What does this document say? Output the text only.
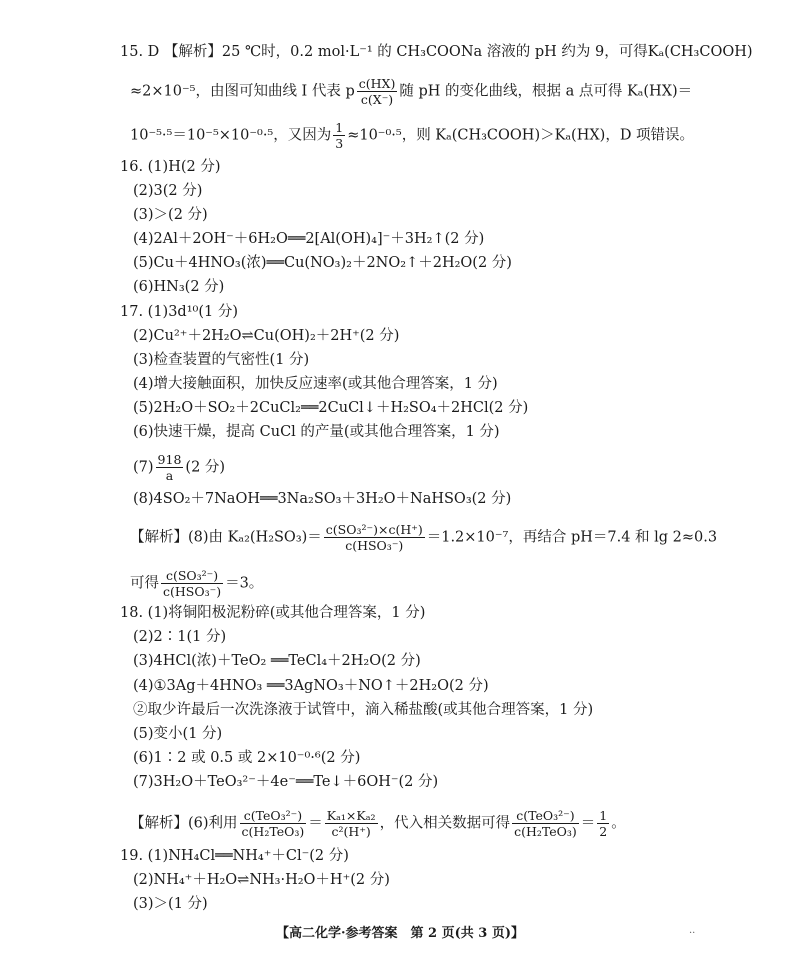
15. D 【解析】25 ℃时，0.2 mol·L⁻¹ 的 CH₃COONa 溶液的 pH 约为 9，可得Kₐ(CH₃COOH)
≈2×10⁻⁵，由图可知曲线 Ⅰ 代表 p $\frac{c(HX)}{c(X^-)}$ 随 pH 的变化曲线，根据 a 点可得 Kₐ(HX)＝
10⁻⁵·⁵＝10⁻⁵×10⁻⁰·⁵，又因为 $\frac{1}{3} \approx 10^{-0}\cdot^5$，则 Kₐ(CH₃COOH)＞Kₐ(HX)，D 项错误。
16. (1)H(2 分)
(2)3(2 分)
(3)＞(2 分)
(4)2Al＋2OH⁻＋6H₂O══2[Al(OH)₄]⁻＋3H₂↑(2 分)
(5)Cu＋4HNO₃(浓)══Cu(NO₃)₂＋2NO₂↑＋2H₂O(2 分)
(6)HN₃(2 分)
17. (1)3d¹⁰(1 分)
(2)Cu²⁺＋2H₂O⇌Cu(OH)₂＋2H⁺(2 分)
(3)检查装置的气密性(1 分)
(4)增大接触面积，加快反应速率(或其他合理答案，1 分)
(5)2H₂O＋SO₂＋2CuCl₂══2CuCl↓＋H₂SO₄＋2HCl(2 分)
(6)快速干燥，提高 CuCl 的产量(或其他合理答案，1 分)
$(7) \frac{918}{a} (2$ 分)
(8)4SO₂＋7NaOH══3Na₂SO₃＋3H₂O＋NaHSO₃(2 分)
【解析】(8)由 $K_{a2}(H_2SO_3)= \frac{\text{c(SO₃²⁻)×c(H⁺)}}{\text{c(HSO₃⁻)}} =1.2\times 10^{-7}$，再结合 pH＝7.4 和 lg 2≈0.3
可得 $\frac{\text{c(SO₃²⁻)}}{\text{c(HSO₃⁻)}} =3$。
18. (1)将铜阳极泥粉碎(或其他合理答案，1 分)
(2)2∶1(1 分)
(3)4HCl(浓)＋TeO₂ ══TeCl₄＋2H₂O(2 分)
(4)①3Ag＋4HNO₃ ══3AgNO₃＋NO↑＋2H₂O(2 分)
②取少许最后一次洗涤液于试管中，滴入稀盐酸(或其他合理答案，1 分)
(5)变小(1 分)
(6)1∶2 或 0.5 或 2×10⁻⁰·⁶(2 分)
(7)3H₂O＋TeO₃²⁻＋4e⁻══Te↓＋6OH⁻(2 分)
【解析】(6)利用 $\frac{\text{c(TeO₃²⁻)}}{\text{c(H₂TeO₃)}} = \frac{\text{Kₐ₁×Kₐ₂}}{\text{c²(H⁺)}}$ ，代入相关数据可得 $\frac{\text{c(TeO₃²⁻)}}{\text{c(H₂TeO₃)}} = \frac{1}{2}$ 。
19. (1)NH₄Cl══NH₄⁺＋Cl⁻(2 分)
(2)NH₄⁺＋H₂O⇌NH₃·H₂O＋H⁺(2 分)
(3)＞(1 分)
【高二化学·参考答案　第 2 页(共 3 页)】	··
